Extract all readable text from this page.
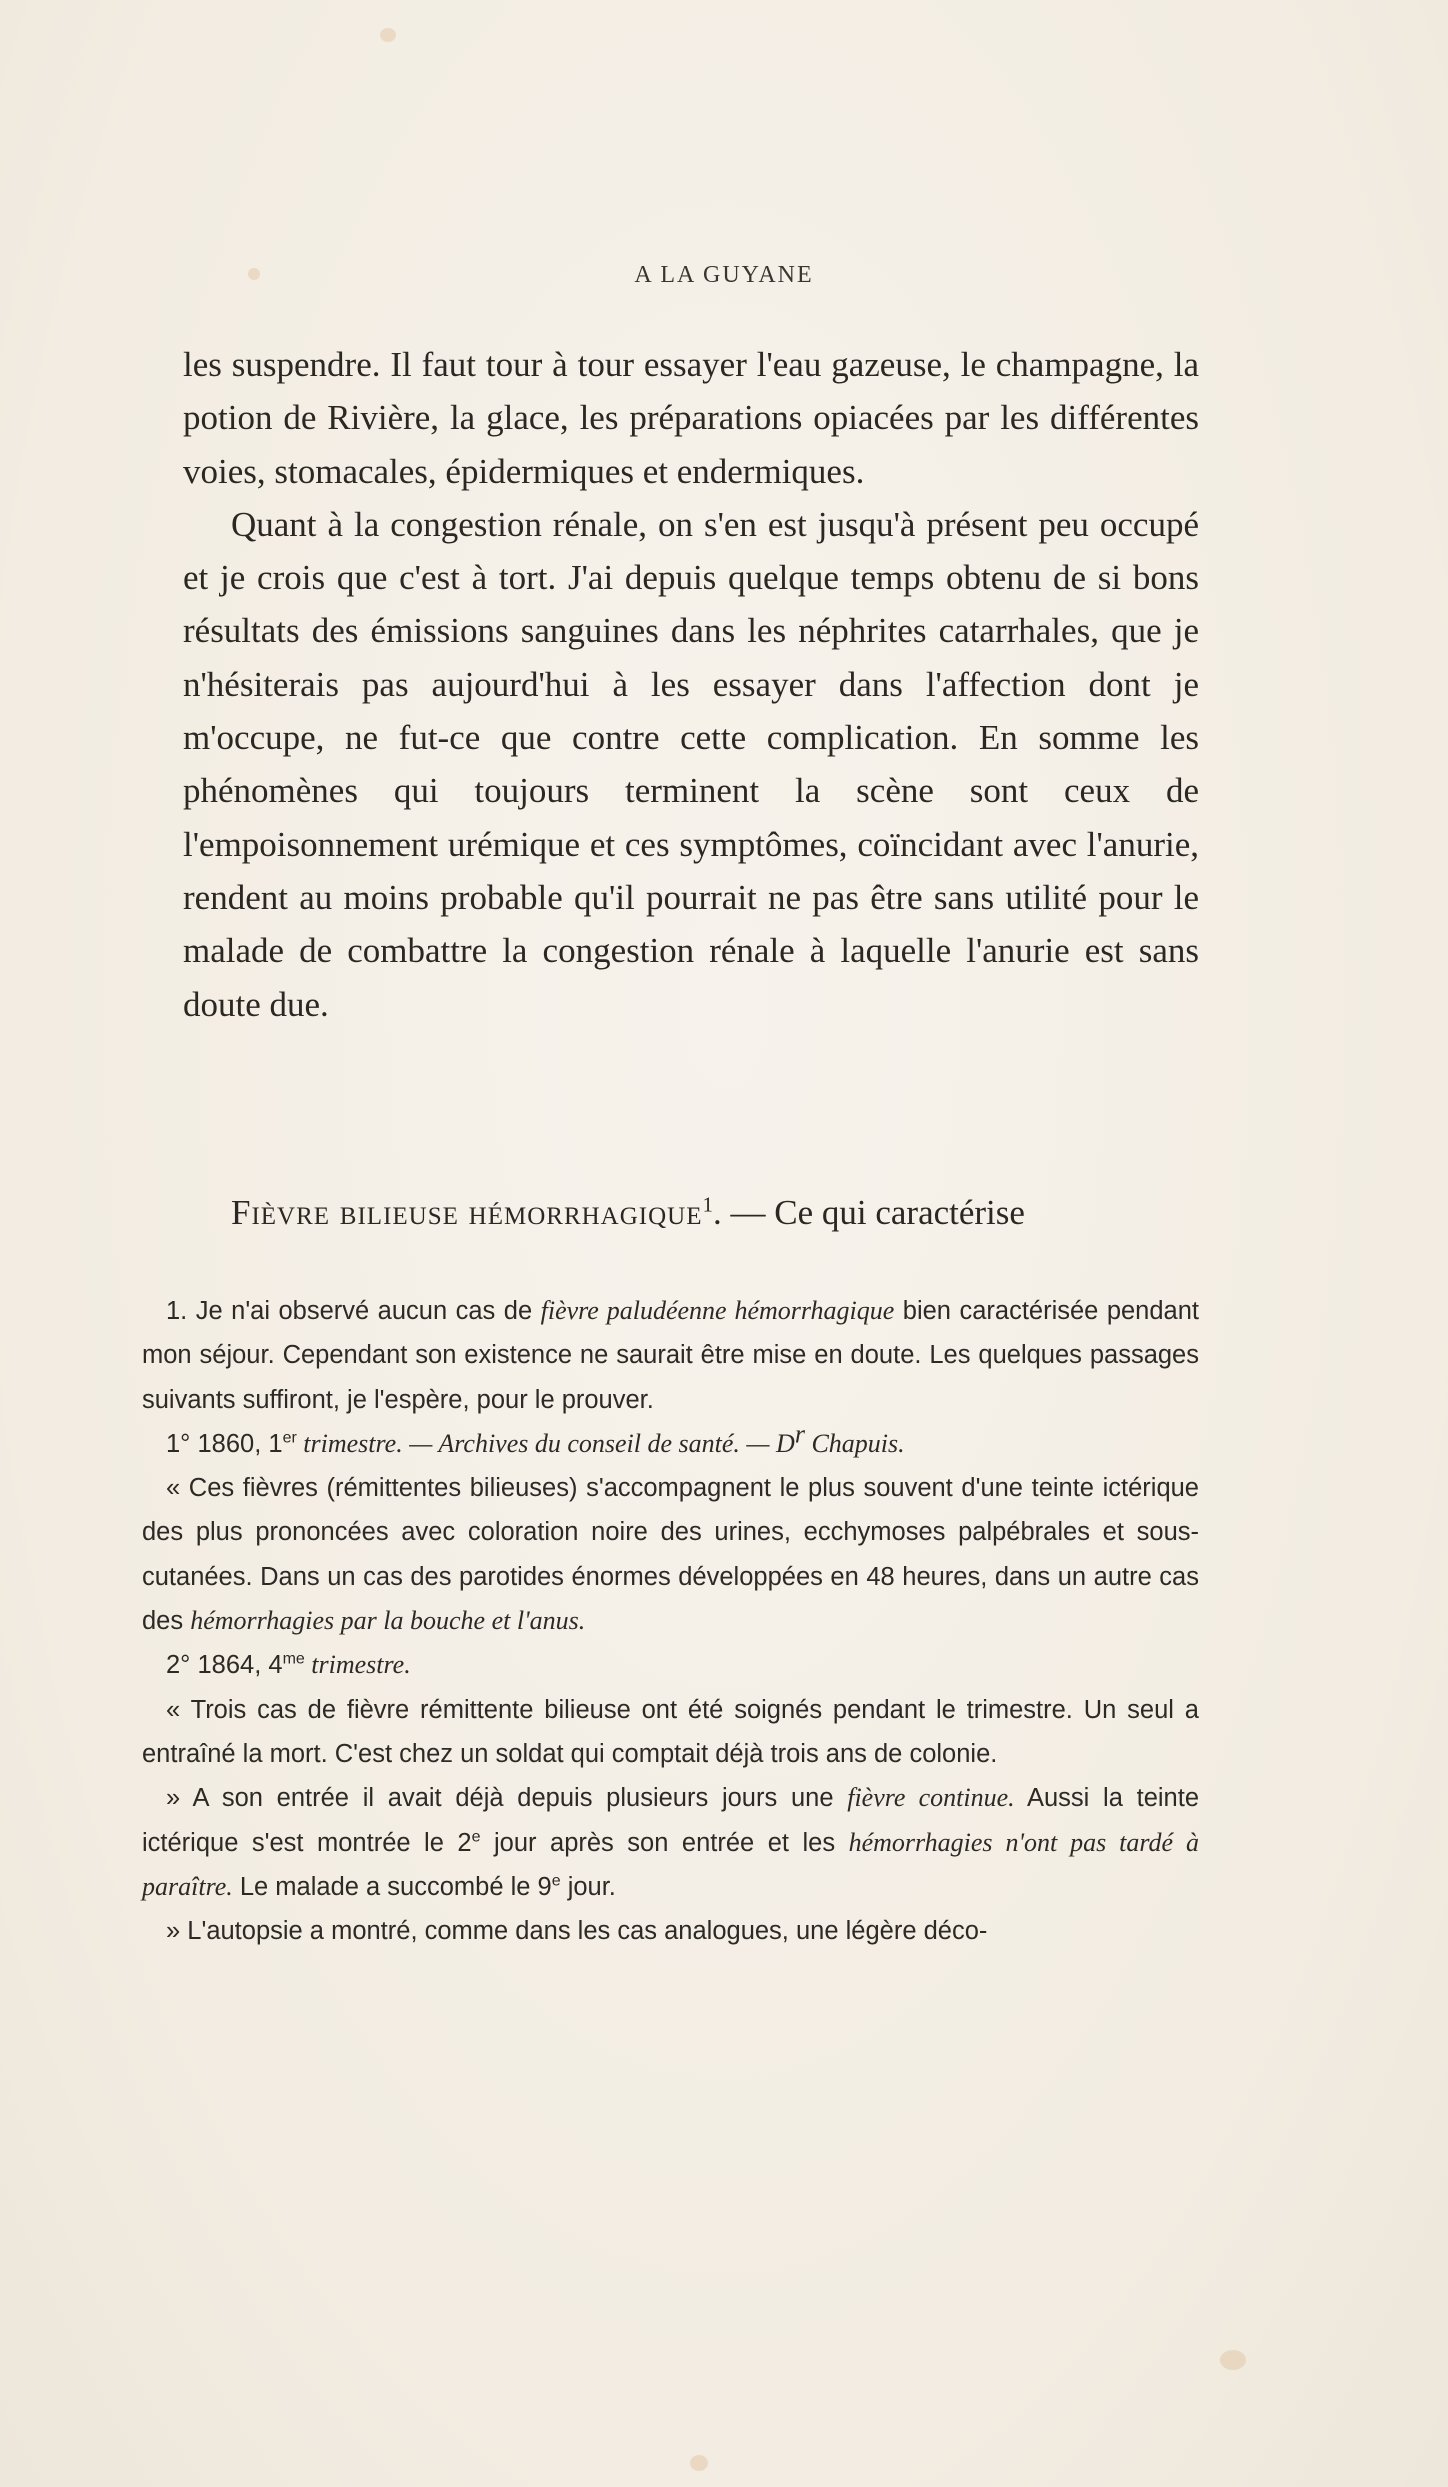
A LA GUYANE

les suspendre. Il faut tour à tour essayer l'eau gazeuse, le champagne, la potion de Rivière, la glace, les préparations opiacées par les différentes voies, stomacales, épidermiques et endermiques.

Quant à la congestion rénale, on s'en est jusqu'à présent peu occupé et je crois que c'est à tort. J'ai depuis quelque temps obtenu de si bons résultats des émissions sanguines dans les néphrites catarrhales, que je n'hésiterais pas aujourd'hui à les essayer dans l'affection dont je m'occupe, ne fut-ce que contre cette complication. En somme les phénomènes qui toujours terminent la scène sont ceux de l'empoisonnement urémique et ces symptômes, coïncidant avec l'anurie, rendent au moins probable qu'il pourrait ne pas être sans utilité pour le malade de combattre la congestion rénale à laquelle l'anurie est sans doute due.

Fièvre bilieuse hémorrhagique$^1$. — Ce qui caractérise

1. Je n'ai observé aucun cas de fièvre paludéenne hémorrhagique bien caractérisée pendant mon séjour. Cependant son existence ne saurait être mise en doute. Les quelques passages suivants suffiront, je l'espère, pour le prouver.

1° 1860, 1er trimestre. — Archives du conseil de santé. — $D^r$ Chapuis.

« Ces fièvres (rémittentes bilieuses) s'accompagnent le plus souvent d'une teinte ictérique des plus prononcées avec coloration noire des urines, ecchymoses palpébrales et sous-cutanées. Dans un cas des parotides énormes développées en 48 heures, dans un autre cas des hémorrhagies par la bouche et l'anus.

2° 1864, $4^{me}$ trimestre.

« Trois cas de fièvre rémittente bilieuse ont été soignés pendant le trimestre. Un seul a entraîné la mort. C'est chez un soldat qui comptait déjà trois ans de colonie.

» A son entrée il avait déjà depuis plusieurs jours une fièvre continue. Aussi la teinte ictérique s'est montrée le 2e jour après son entrée et les hémorrhagies n'ont pas tardé à paraître. Le malade a succombé le 9e jour.

» L'autopsie a montré, comme dans les cas analogues, une légère déco-
